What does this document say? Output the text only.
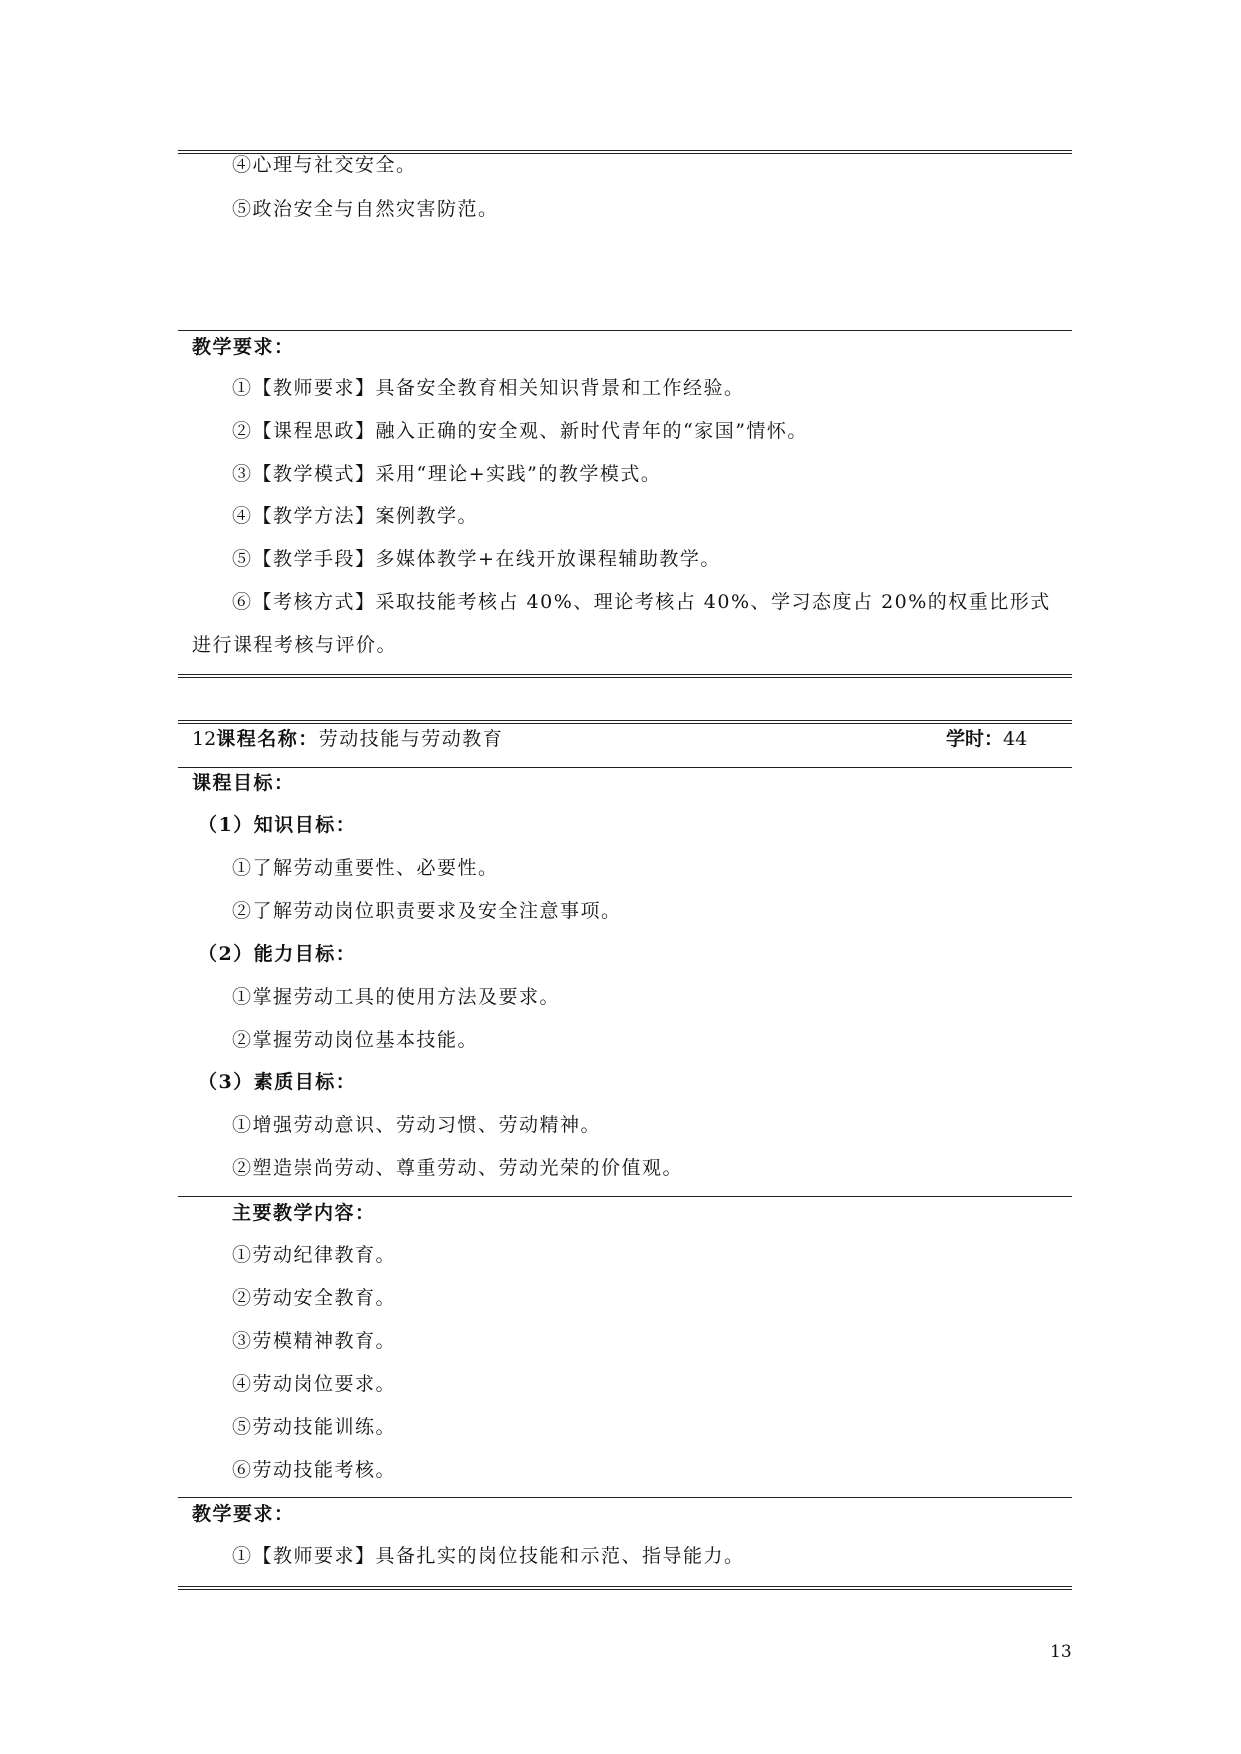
④心理与社交安全。
⑤政治安全与自然灾害防范。
教学要求：
①【教师要求】具备安全教育相关知识背景和工作经验。
②【课程思政】融入正确的安全观、新时代青年的“家国”情怀。
③【教学模式】采用“理论+实践”的教学模式。
④【教学方法】案例教学。
⑤【教学手段】多媒体教学+在线开放课程辅助教学。
⑥【考核方式】采取技能考核占 40%、理论考核占 40%、学习态度占 20%的权重比形式
进行课程考核与评价。
12课程名称：劳动技能与劳动教育	学时：44
课程目标：
（1）知识目标：
①了解劳动重要性、必要性。
②了解劳动岗位职责要求及安全注意事项。
（2）能力目标：
①掌握劳动工具的使用方法及要求。
②掌握劳动岗位基本技能。
（3）素质目标：
①增强劳动意识、劳动习惯、劳动精神。
②塑造崇尚劳动、尊重劳动、劳动光荣的价值观。
主要教学内容：
①劳动纪律教育。
②劳动安全教育。
③劳模精神教育。
④劳动岗位要求。
⑤劳动技能训练。
⑥劳动技能考核。
教学要求：
①【教师要求】具备扎实的岗位技能和示范、指导能力。
13
